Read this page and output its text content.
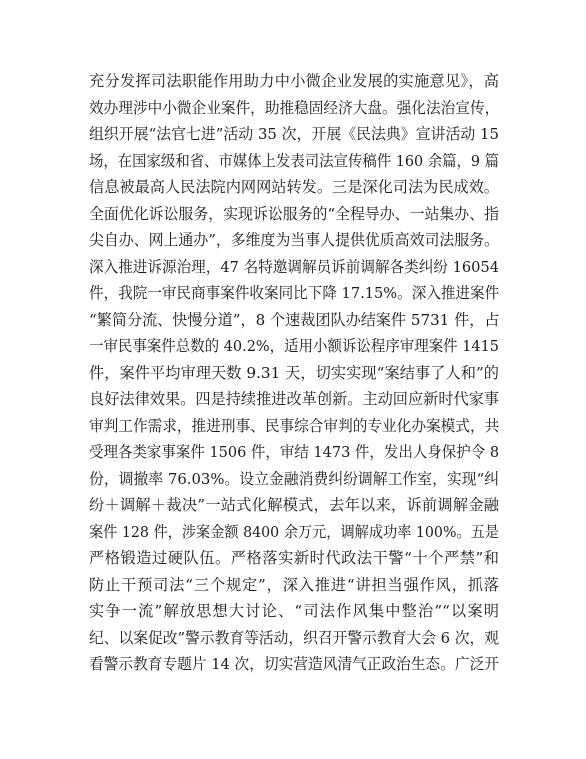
充分发挥司法职能作用助力中小微企业发展的实施意见》，高
效办理涉中小微企业案件，助推稳固经济大盘。强化法治宣传，
组织开展“法官七进”活动 35 次，开展《民法典》宣讲活动 15
场，在国家级和省、市媒体上发表司法宣传稿件 160 余篇，9 篇
信息被最高人民法院内网网站转发。三是深化司法为民成效。
全面优化诉讼服务，实现诉讼服务的“全程导办、一站集办、指
尖自办、网上通办”，多维度为当事人提供优质高效司法服务。
深入推进诉源治理，47 名特邀调解员诉前调解各类纠纷 16054
件，我院一审民商事案件收案同比下降 17.15%。深入推进案件
“繁简分流、快慢分道”，8 个速裁团队办结案件 5731 件，占
一审民事案件总数的 40.2%，适用小额诉讼程序审理案件 1415
件，案件平均审理天数 9.31 天，切实实现“案结事了人和”的
良好法律效果。四是持续推进改革创新。主动回应新时代家事
审判工作需求，推进刑事、民事综合审判的专业化办案模式，共
受理各类家事案件 1506 件，审结 1473 件，发出人身保护令 8
份，调撤率 76.03%。设立金融消费纠纷调解工作室，实现“纠
纷＋调解＋裁决”一站式化解模式，去年以来，诉前调解金融
案件 128 件，涉案金额 8400 余万元，调解成功率 100%。五是
严格锻造过硬队伍。严格落实新时代政法干警“十个严禁”和
防止干预司法“三个规定”，深入推进“讲担当强作风，抓落
实争一流”解放思想大讨论、“司法作风集中整治”“以案明
纪、以案促改”警示教育等活动，织召开警示教育大会 6 次，观
看警示教育专题片 14 次，切实营造风清气正政治生态。广泛开
